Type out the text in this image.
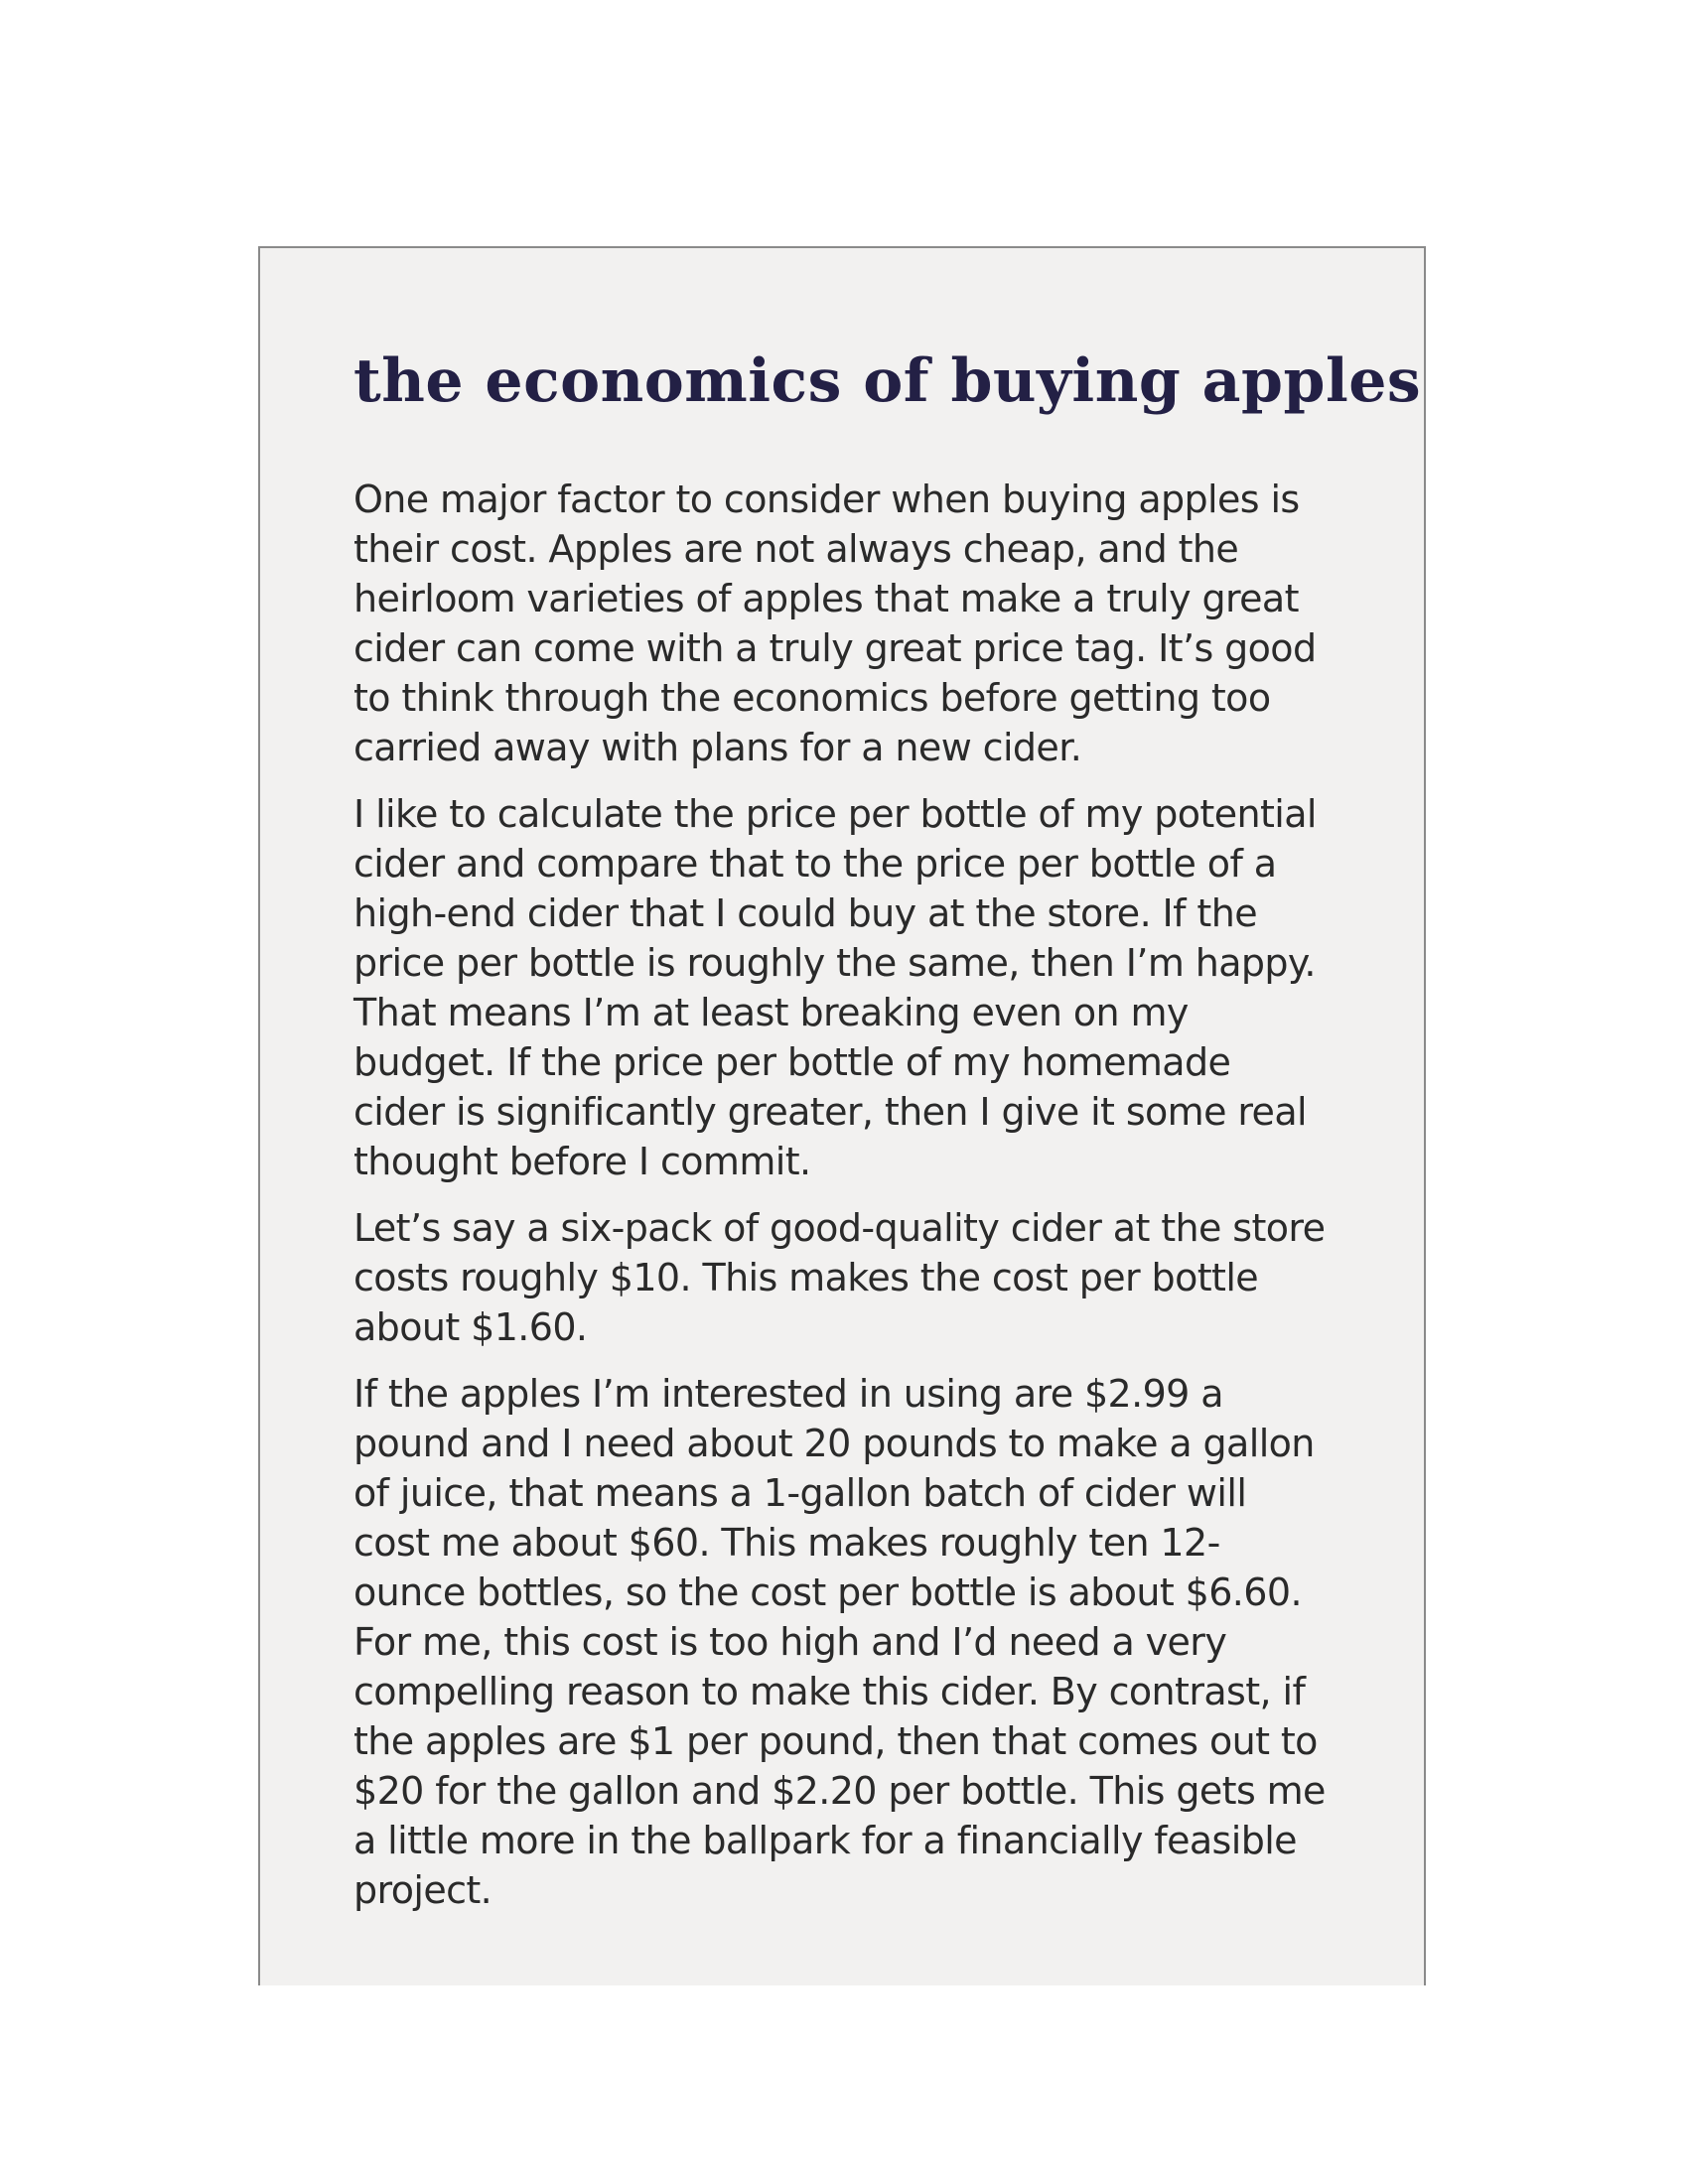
the economics of buying apples

One major factor to consider when buying apples is their cost. Apples are not always cheap, and the heirloom varieties of apples that make a truly great cider can come with a truly great price tag. It’s good to think through the economics before getting too carried away with plans for a new cider.

I like to calculate the price per bottle of my potential cider and compare that to the price per bottle of a high-end cider that I could buy at the store. If the price per bottle is roughly the same, then I’m happy. That means I’m at least breaking even on my budget. If the price per bottle of my homemade cider is significantly greater, then I give it some real thought before I commit.

Let’s say a six-pack of good-quality cider at the store costs roughly $10. This makes the cost per bottle about $1.60.

If the apples I’m interested in using are $2.99 a pound and I need about 20 pounds to make a gallon of juice, that means a 1-gallon batch of cider will cost me about $60. This makes roughly ten 12-ounce bottles, so the cost per bottle is about $6.60. For me, this cost is too high and I’d need a very compelling reason to make this cider. By contrast, if the apples are $1 per pound, then that comes out to $20 for the gallon and $2.20 per bottle. This gets me a little more in the ballpark for a financially feasible project.
